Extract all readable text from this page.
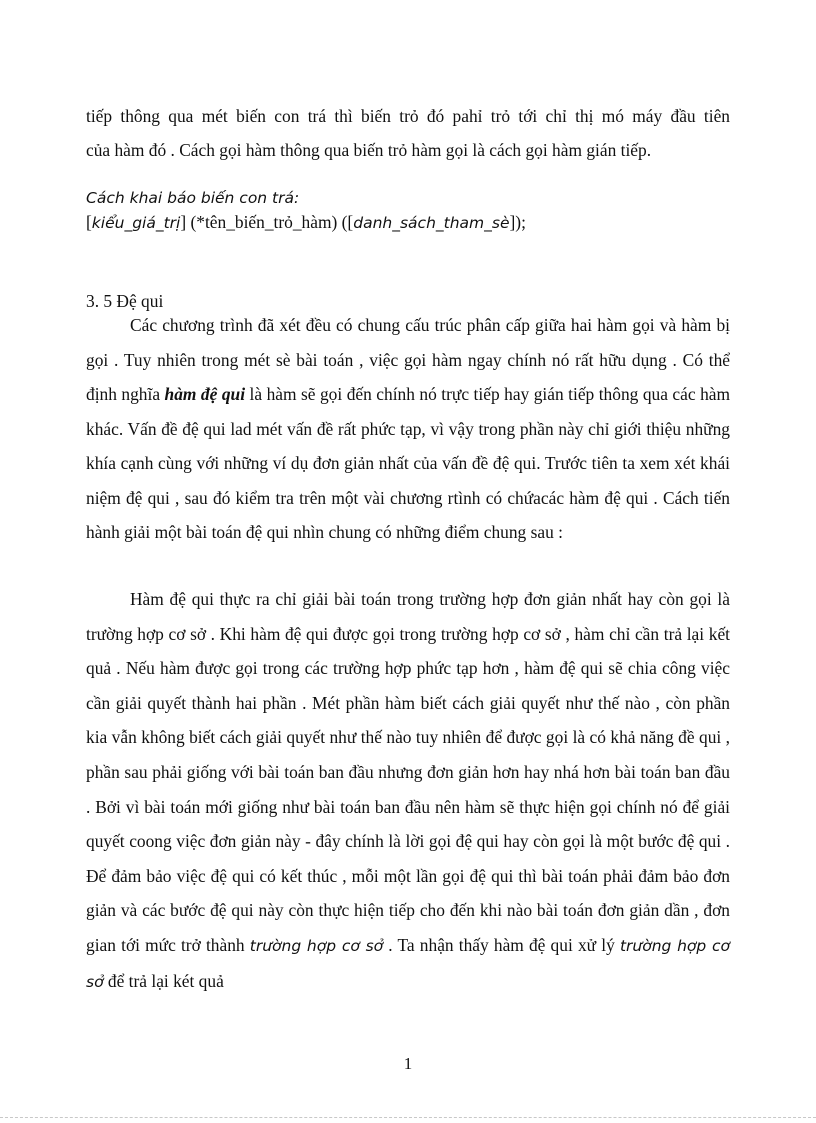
tiếp thông qua mét biến con trá thì biến trỏ đó pahỉ trỏ tới chỉ thị mó máy đầu tiên
của hàm đó . Cách gọi hàm thông qua biến trỏ hàm gọi là cách gọi hàm gián tiếp.
Cách khai báo biến con trá:
[kiểu_giá_trị] (*tên_biến_trỏ_hàm) ([danh_sách_tham_sè]);
3. 5 Đệ qui

Các chương trình đã xét đều có chung cấu trúc phân cấp giữa hai hàm gọi và hàm bị gọi . Tuy nhiên trong mét sè bài toán , việc gọi hàm ngay chính nó rất hữu dụng . Có thể định nghĩa hàm đệ qui là hàm sẽ gọi đến chính nó trực tiếp hay gián tiếp thông qua các hàm khác. Vấn đề đệ qui lad mét vấn đề rất phức tạp, vì vậy trong phần này chỉ giới thiệu những khía cạnh cùng với những ví dụ đơn giản nhất của vấn đề đệ qui. Trước tiên ta xem xét khái niệm đệ qui , sau đó kiểm tra trên một vài chương rtình có chứacác hàm đệ qui . Cách tiến hành giải một bài toán đệ qui nhìn chung có những điểm chung sau :

Hàm đệ qui thực ra chỉ giải bài toán trong trường hợp đơn giản nhất hay còn gọi là trường hợp cơ sở . Khi hàm đệ qui được gọi trong trường hợp cơ sở , hàm chỉ cần trả lại kết quả . Nếu hàm được gọi trong các trường hợp phức tạp hơn , hàm đệ qui sẽ chia công việc cần giải quyết thành hai phần . Mét phần hàm biết cách giải quyết như thế nào , còn phần kia vẫn không biết cách giải quyết như thế nào tuy nhiên để được gọi là có khả năng đề qui , phần sau phải giống với bài toán ban đầu nhưng đơn giản hơn hay nhá hơn bài toán ban đầu . Bởi vì bài toán mới giống như bài toán ban đầu nên hàm sẽ thực hiện gọi chính nó để giải quyết coong việc đơn giản này - đây chính là lời gọi đệ qui hay còn gọi là một bước đệ qui . Để đảm bảo việc đệ qui có kết thúc , mỗi một lần gọi đệ qui thì bài toán phải đảm bảo đơn giản và các bước đệ qui này còn thực hiện tiếp cho đến khi nào bài toán đơn giản dần , đơn gian tới mức trở thành trường hợp cơ sở . Ta nhận thấy hàm đệ qui xử lý trường hợp cơ sở để trả lại két quả

1
